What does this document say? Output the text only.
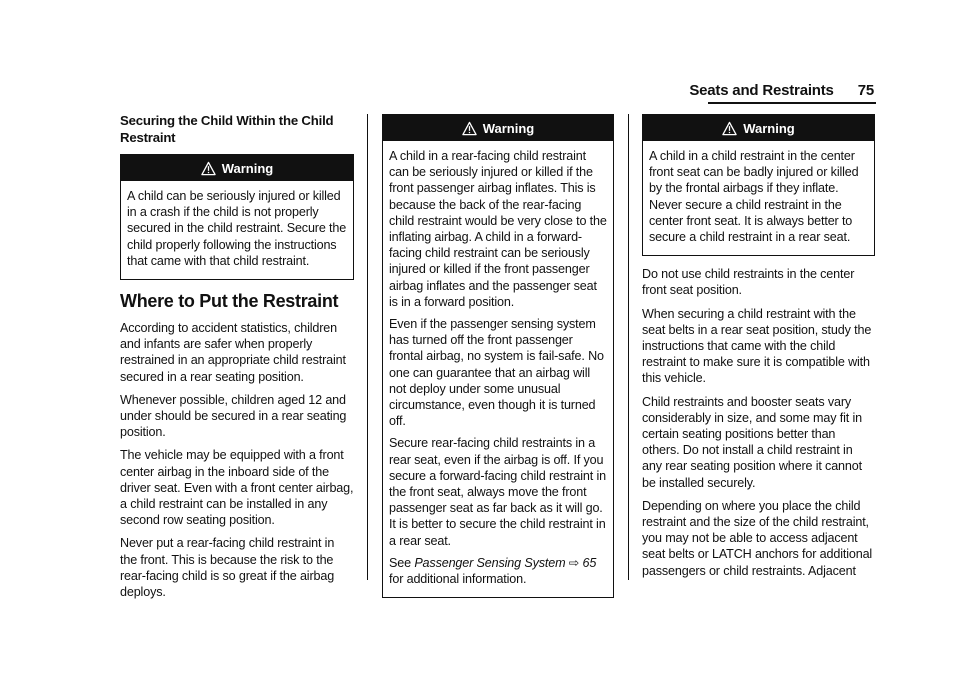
Seats and Restraints 75
Securing the Child Within the Child Restraint
Warning

A child can be seriously injured or killed in a crash if the child is not properly secured in the child restraint. Secure the child properly following the instructions that came with that child restraint.

Where to Put the Restraint

According to accident statistics, children and infants are safer when properly restrained in an appropriate child restraint secured in a rear seating position.

Whenever possible, children aged 12 and under should be secured in a rear seating position.

The vehicle may be equipped with a front center airbag in the inboard side of the driver seat. Even with a front center airbag, a child restraint can be installed in any second row seating position.

Never put a rear-facing child restraint in the front. This is because the risk to the rear-facing child is so great if the airbag deploys.

Warning

A child in a rear-facing child restraint can be seriously injured or killed if the front passenger airbag inflates. This is because the back of the rear-facing child restraint would be very close to the inflating airbag. A child in a forward-facing child restraint can be seriously injured or killed if the front passenger airbag inflates and the passenger seat is in a forward position.

Even if the passenger sensing system has turned off the front passenger frontal airbag, no system is fail-safe. No one can guarantee that an airbag will not deploy under some unusual circumstance, even though it is turned off.

Secure rear-facing child restraints in a rear seat, even if the airbag is off. If you secure a forward-facing child restraint in the front seat, always move the front passenger seat as far back as it will go. It is better to secure the child restraint in a rear seat.

See Passenger Sensing System ⇨ 65 for additional information.

Warning

A child in a child restraint in the center front seat can be badly injured or killed by the frontal airbags if they inflate. Never secure a child restraint in the center front seat. It is always better to secure a child restraint in a rear seat.

Do not use child restraints in the center front seat position.

When securing a child restraint with the seat belts in a rear seat position, study the instructions that came with the child restraint to make sure it is compatible with this vehicle.

Child restraints and booster seats vary considerably in size, and some may fit in certain seating positions better than others. Do not install a child restraint in any rear seating position where it cannot be installed securely.

Depending on where you place the child restraint and the size of the child restraint, you may not be able to access adjacent seat belts or LATCH anchors for additional passengers or child restraints. Adjacent
